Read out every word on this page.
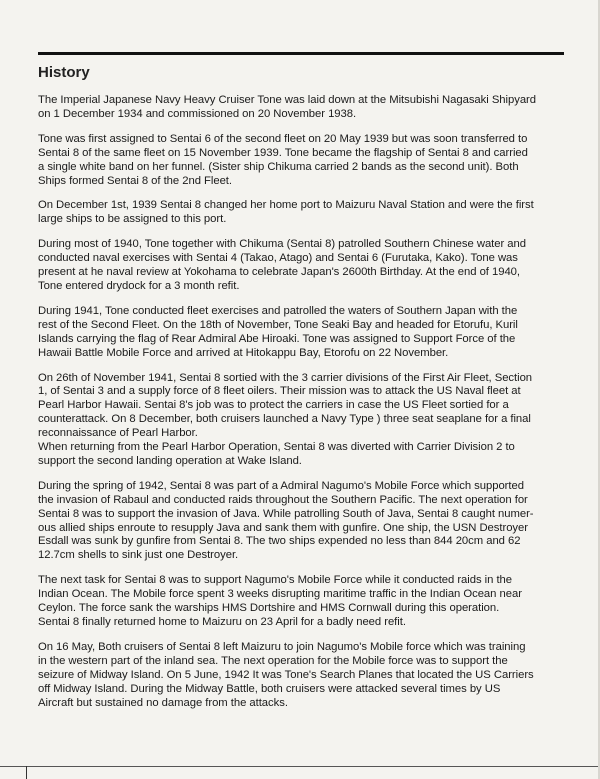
History

The Imperial Japanese Navy Heavy Cruiser Tone was laid down at the Mitsubishi Nagasaki Shipyard
on 1 December 1934 and commissioned on 20 November 1938.

Tone was first assigned to Sentai 6 of the second fleet on 20 May 1939 but was soon transferred to
Sentai 8 of the same fleet on 15 November 1939. Tone became the flagship of Sentai 8 and carried
a single white band on her funnel. (Sister ship Chikuma carried 2 bands as the second unit). Both
Ships formed Sentai 8 of the 2nd Fleet.

On December 1st, 1939 Sentai 8 changed her home port to Maizuru Naval Station and were the first
large ships to be assigned to this port.

During most of 1940, Tone together with Chikuma (Sentai 8) patrolled Southern Chinese water and
conducted naval exercises with Sentai 4 (Takao, Atago) and Sentai 6 (Furutaka, Kako). Tone was
present at he naval review at Yokohama to celebrate Japan's 2600th Birthday. At the end of 1940,
Tone entered drydock for a 3 month refit.

During 1941, Tone conducted fleet exercises and patrolled the waters of Southern Japan with the
rest of the Second Fleet. On the 18th of November, Tone Seaki Bay and headed for Etorufu, Kuril
Islands carrying the flag of Rear Admiral Abe Hiroaki. Tone was assigned to Support Force of the
Hawaii Battle Mobile Force and arrived at Hitokappu Bay, Etorofu on 22 November.

On 26th of November 1941, Sentai 8 sortied with the 3 carrier divisions of the First Air Fleet, Section
1, of Sentai 3 and a supply force of 8 fleet oilers. Their mission was to attack the US Naval fleet at
Pearl Harbor Hawaii. Sentai 8's job was to protect the carriers in case the US Fleet sortied for a
counterattack. On 8 December, both cruisers launched a Navy Type ) three seat seaplane for a final
reconnaissance of Pearl Harbor.

When returning from the Pearl Harbor Operation, Sentai 8 was diverted with Carrier Division 2 to
support the second landing operation at Wake Island.

During the spring of 1942, Sentai 8 was part of a Admiral Nagumo's Mobile Force which supported
the invasion of Rabaul and conducted raids throughout the Southern Pacific. The next operation for
Sentai 8 was to support the invasion of Java. While patrolling South of Java, Sentai 8 caught numer-
ous allied ships enroute to resupply Java and sank them with gunfire. One ship, the USN Destroyer
Esdall was sunk by gunfire from Sentai 8. The two ships expended no less than 844 20cm and 62
12.7cm shells to sink just one Destroyer.

The next task for Sentai 8 was to support Nagumo's Mobile Force while it conducted raids in the
Indian Ocean. The Mobile force spent 3 weeks disrupting maritime traffic in the Indian Ocean near
Ceylon. The force sank the warships HMS Dortshire and HMS Cornwall during this operation.
Sentai 8 finally returned home to Maizuru on 23 April for a badly need refit.

On 16 May, Both cruisers of Sentai 8 left Maizuru to join Nagumo's Mobile force which was training
in the western part of the inland sea. The next operation for the Mobile force was to support the
seizure of Midway Island. On 5 June, 1942 It was Tone's Search Planes that located the US Carriers
off Midway Island. During the Midway Battle, both cruisers were attacked several times by US
Aircraft but sustained no damage from the attacks.
